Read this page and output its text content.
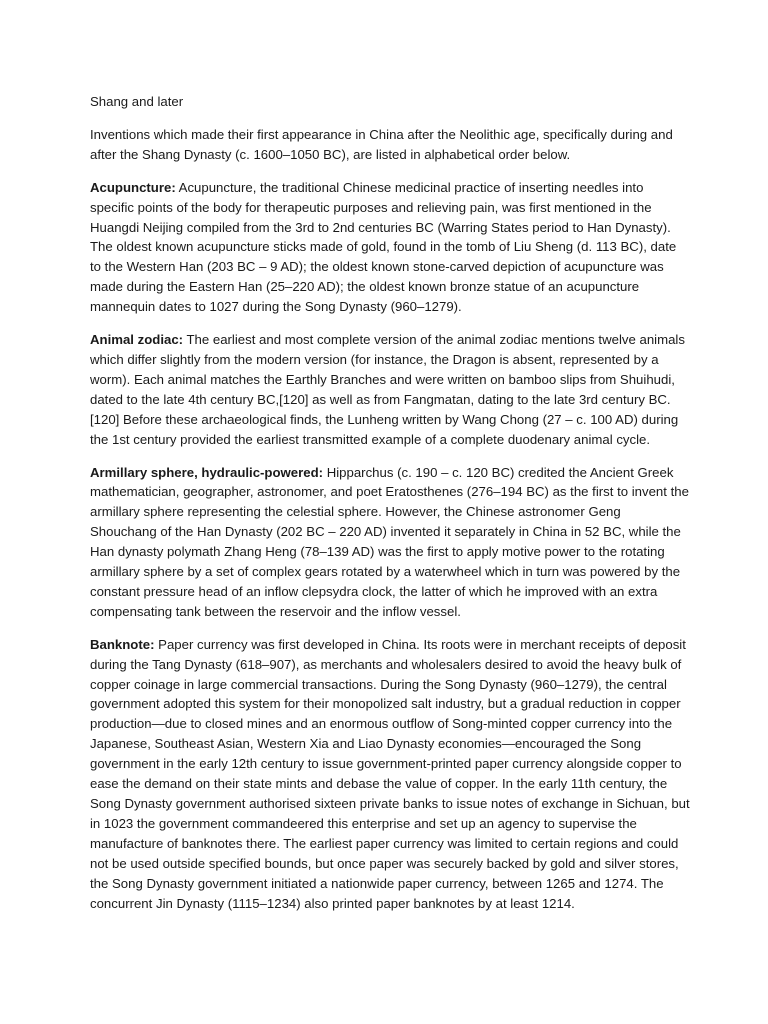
Shang and later

Inventions which made their first appearance in China after the Neolithic age, specifically during and after the Shang Dynasty (c. 1600–1050 BC), are listed in alphabetical order below.

Acupuncture: Acupuncture, the traditional Chinese medicinal practice of inserting needles into specific points of the body for therapeutic purposes and relieving pain, was first mentioned in the Huangdi Neijing compiled from the 3rd to 2nd centuries BC (Warring States period to Han Dynasty). The oldest known acupuncture sticks made of gold, found in the tomb of Liu Sheng (d. 113 BC), date to the Western Han (203 BC – 9 AD); the oldest known stone-carved depiction of acupuncture was made during the Eastern Han (25–220 AD); the oldest known bronze statue of an acupuncture mannequin dates to 1027 during the Song Dynasty (960–1279).

Animal zodiac: The earliest and most complete version of the animal zodiac mentions twelve animals which differ slightly from the modern version (for instance, the Dragon is absent, represented by a worm). Each animal matches the Earthly Branches and were written on bamboo slips from Shuihudi, dated to the late 4th century BC,[120] as well as from Fangmatan, dating to the late 3rd century BC.[120] Before these archaeological finds, the Lunheng written by Wang Chong (27 – c. 100 AD) during the 1st century provided the earliest transmitted example of a complete duodenary animal cycle.

Armillary sphere, hydraulic-powered: Hipparchus (c. 190 – c. 120 BC) credited the Ancient Greek mathematician, geographer, astronomer, and poet Eratosthenes (276–194 BC) as the first to invent the armillary sphere representing the celestial sphere. However, the Chinese astronomer Geng Shouchang of the Han Dynasty (202 BC – 220 AD) invented it separately in China in 52 BC, while the Han dynasty polymath Zhang Heng (78–139 AD) was the first to apply motive power to the rotating armillary sphere by a set of complex gears rotated by a waterwheel which in turn was powered by the constant pressure head of an inflow clepsydra clock, the latter of which he improved with an extra compensating tank between the reservoir and the inflow vessel.

Banknote: Paper currency was first developed in China. Its roots were in merchant receipts of deposit during the Tang Dynasty (618–907), as merchants and wholesalers desired to avoid the heavy bulk of copper coinage in large commercial transactions. During the Song Dynasty (960–1279), the central government adopted this system for their monopolized salt industry, but a gradual reduction in copper production—due to closed mines and an enormous outflow of Song-minted copper currency into the Japanese, Southeast Asian, Western Xia and Liao Dynasty economies—encouraged the Song government in the early 12th century to issue government-printed paper currency alongside copper to ease the demand on their state mints and debase the value of copper. In the early 11th century, the Song Dynasty government authorised sixteen private banks to issue notes of exchange in Sichuan, but in 1023 the government commandeered this enterprise and set up an agency to supervise the manufacture of banknotes there. The earliest paper currency was limited to certain regions and could not be used outside specified bounds, but once paper was securely backed by gold and silver stores, the Song Dynasty government initiated a nationwide paper currency, between 1265 and 1274. The concurrent Jin Dynasty (1115–1234) also printed paper banknotes by at least 1214.
